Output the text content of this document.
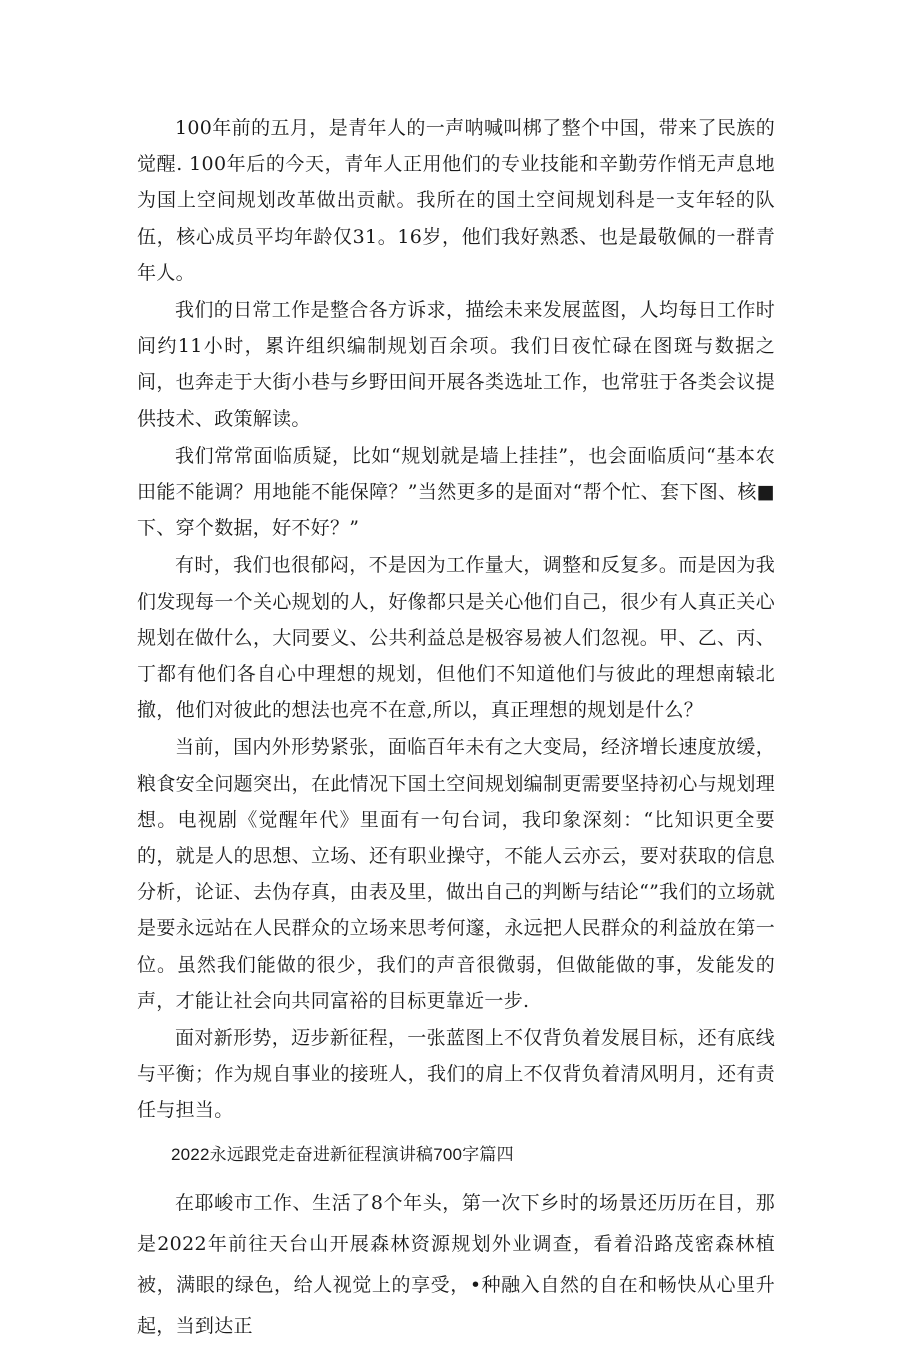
100年前的五月，是青年人的一声呐喊叫梆了整个中国，带来了民族的觉醒. 100年后的今天，青年人正用他们的专业技能和辛勤劳作悄无声息地为国上空间规划改革做出贡献。我所在的国土空间规划科是一支年轻的队伍，核心成员平均年龄仅31。16岁，他们我好熟悉、也是最敬佩的一群青年人。

我们的日常工作是整合各方诉求，描绘未来发展蓝图，人均每日工作时间约11小时，累许组织编制规划百余项。我们日夜忙碌在图斑与数据之间，也奔走于大街小巷与乡野田间开展各类选址工作，也常驻于各类会议提供技术、政策解读。

我们常常面临质疑，比如“规划就是墙上挂挂”，也会面临质问“基本农田能不能调？用地能不能保障？”当然更多的是面对“帮个忙、套下图、核■下、穿个数据，好不好？”

有时，我们也很郁闷，不是因为工作量大，调整和反复多。而是因为我们发现每一个关心规划的人，好像都只是关心他们自己，很少有人真正关心规划在做什么，大同要义、公共利益总是极容易被人们忽视。甲、乙、丙、丁都有他们各自心中理想的规划，但他们不知道他们与彼此的理想南辕北撤，他们对彼此的想法也亮不在意,所以，真正理想的规划是什么？

当前，国内外形势紧张，面临百年未有之大变局，经济增长速度放缓，粮食安全问题突出，在此情况下国土空间规划编制更需要坚持初心与规划理想。电视剧《觉醒年代》里面有一句台词，我印象深刻：“比知识更全要的，就是人的思想、立场、还有职业操守，不能人云亦云，要对获取的信息分析，论证、去伪存真，由表及里，做出自己的判断与结论“”我们的立场就是要永远站在人民群众的立场来思考何邃，永远把人民群众的利益放在第一位。虽然我们能做的很少，我们的声音很微弱，但做能做的事，发能发的声，才能让社会向共同富裕的目标更靠近一步.

面对新形势，迈步新征程，一张蓝图上不仅背负着发展目标，还有底线与平衡；作为规自事业的接班人，我们的肩上不仅背负着清风明月，还有责任与担当。

2022永远跟党走奋进新征程演讲稿700字篇四

在耶峻市工作、生活了8个年头，第一次下乡时的场景还历历在目，那是2022年前往天台山开展森林资源规划外业调查，看着沿路茂密森林植被，满眼的绿色，给人视觉上的享受，•种融入自然的自在和畅快从心里升起，当到达正
